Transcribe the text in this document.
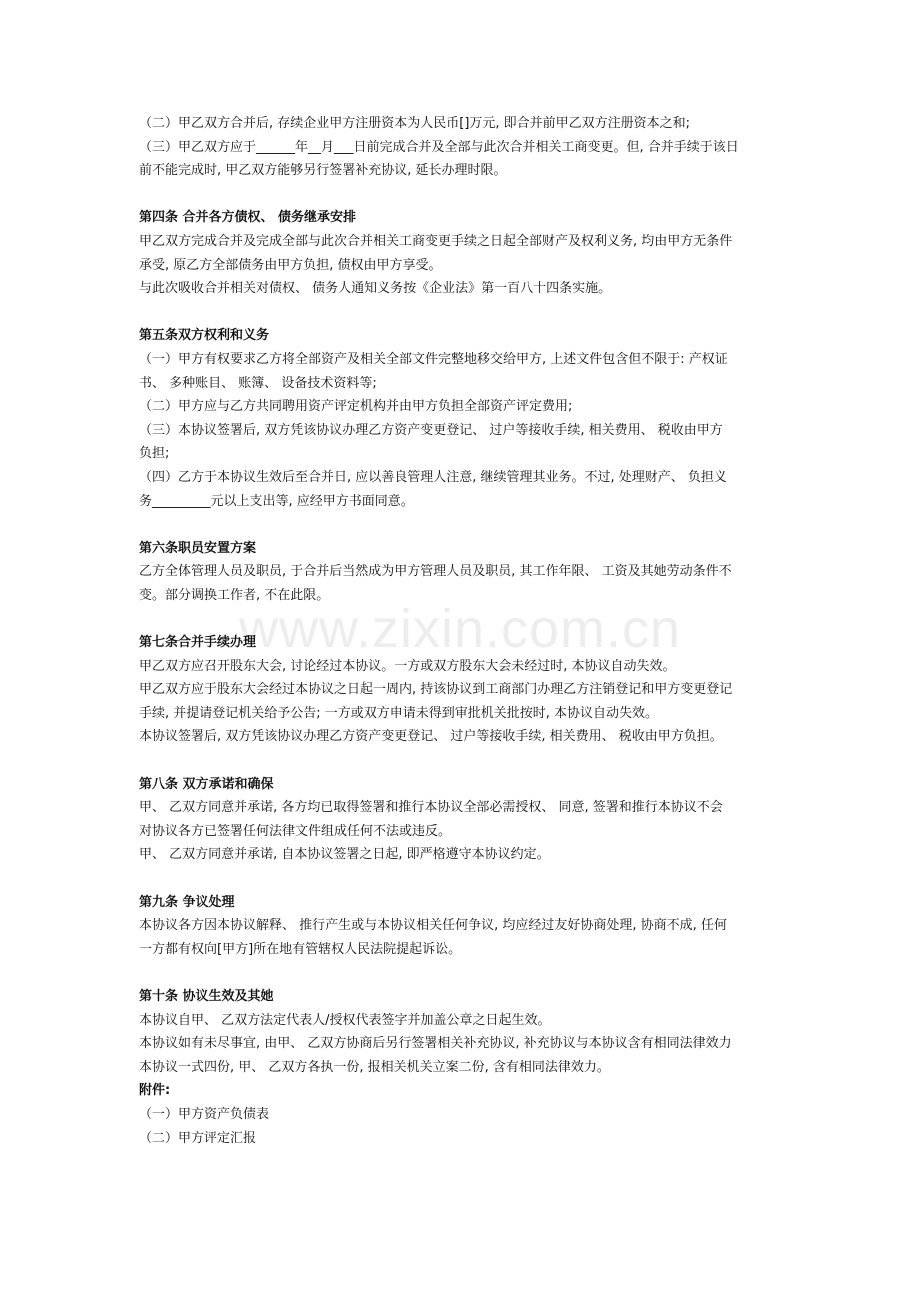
www.zixin.com.cn
（二）甲乙双方合并后, 存续企业甲方注册资本为人民币[]万元, 即合并前甲乙双方注册资本之和;
（三）甲乙双方应于______年__月___日前完成合并及全部与此次合并相关工商变更。但, 合并手续于该日
前不能完成时, 甲乙双方能够另行签署补充协议, 延长办理时限。
第四条 合并各方债权、 债务继承安排
甲乙双方完成合并及完成全部与此次合并相关工商变更手续之日起全部财产及权利义务, 均由甲方无条件
承受, 原乙方全部债务由甲方负担, 债权由甲方享受。
与此次吸收合并相关对债权、 债务人通知义务按《企业法》第一百八十四条实施。
第五条双方权利和义务
（一）甲方有权要求乙方将全部资产及相关全部文件完整地移交给甲方, 上述文件包含但不限于: 产权证
书、 多种账目、 账簿、 设备技术资料等;
（二）甲方应与乙方共同聘用资产评定机构并由甲方负担全部资产评定费用;
（三）本协议签署后, 双方凭该协议办理乙方资产变更登记、 过户等接收手续, 相关费用、 税收由甲方
负担;
（四）乙方于本协议生效后至合并日, 应以善良管理人注意, 继续管理其业务。不过, 处理财产、 负担义
务_________元以上支出等, 应经甲方书面同意。
第六条职员安置方案
乙方全体管理人员及职员, 于合并后当然成为甲方管理人员及职员, 其工作年限、 工资及其她劳动条件不
变。部分调换工作者, 不在此限。
第七条合并手续办理
甲乙双方应召开股东大会, 讨论经过本协议。一方或双方股东大会未经过时, 本协议自动失效。
甲乙双方应于股东大会经过本协议之日起一周内, 持该协议到工商部门办理乙方注销登记和甲方变更登记
手续, 并提请登记机关给予公告; 一方或双方申请未得到审批机关批按时, 本协议自动失效。
本协议签署后, 双方凭该协议办理乙方资产变更登记、 过户等接收手续, 相关费用、 税收由甲方负担。
第八条 双方承诺和确保
甲、 乙双方同意并承诺, 各方均已取得签署和推行本协议全部必需授权、 同意, 签署和推行本协议不会
对协议各方已签署任何法律文件组成任何不法或违反。
甲、 乙双方同意并承诺, 自本协议签署之日起, 即严格遵守本协议约定。
第九条 争议处理
本协议各方因本协议解释、 推行产生或与本协议相关任何争议, 均应经过友好协商处理, 协商不成, 任何
一方都有权向[甲方]所在地有管辖权人民法院提起诉讼。
第十条 协议生效及其她
本协议自甲、 乙双方法定代表人/授权代表签字并加盖公章之日起生效。
本协议如有未尽事宜, 由甲、 乙双方协商后另行签署相关补充协议, 补充协议与本协议含有相同法律效力
本协议一式四份, 甲、 乙双方各执一份, 报相关机关立案二份, 含有相同法律效力。
附件:
（一）甲方资产负债表
（二）甲方评定汇报
